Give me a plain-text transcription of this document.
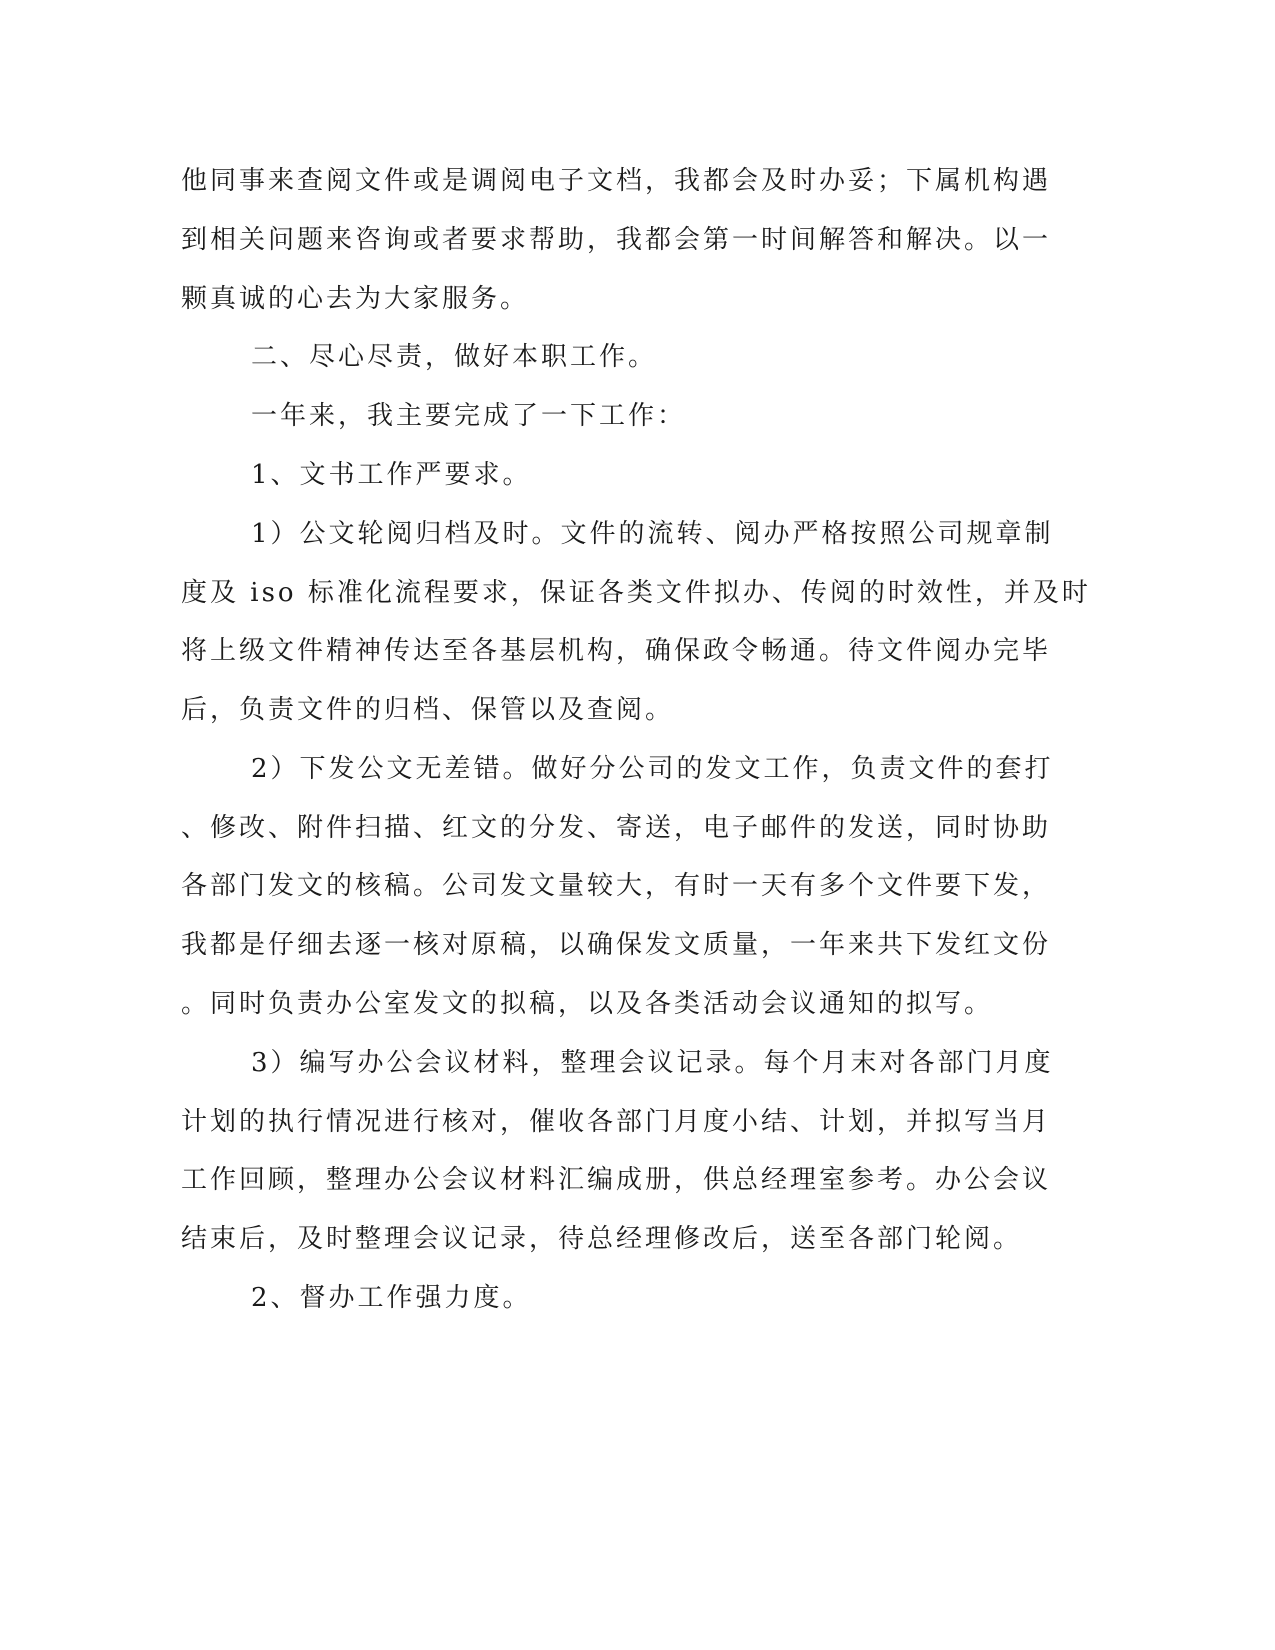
他同事来查阅文件或是调阅电子文档，我都会及时办妥；下属机构遇
到相关问题来咨询或者要求帮助，我都会第一时间解答和解决。以一
颗真诚的心去为大家服务。
二、尽心尽责，做好本职工作。
一年来，我主要完成了一下工作：
1、文书工作严要求。
1）公文轮阅归档及时。文件的流转、阅办严格按照公司规章制
度及 iso 标准化流程要求，保证各类文件拟办、传阅的时效性，并及时
将上级文件精神传达至各基层机构，确保政令畅通。待文件阅办完毕
后，负责文件的归档、保管以及查阅。
2）下发公文无差错。做好分公司的发文工作，负责文件的套打
、修改、附件扫描、红文的分发、寄送，电子邮件的发送，同时协助
各部门发文的核稿。公司发文量较大，有时一天有多个文件要下发，
我都是仔细去逐一核对原稿，以确保发文质量，一年来共下发红文份
。同时负责办公室发文的拟稿，以及各类活动会议通知的拟写。
3）编写办公会议材料，整理会议记录。每个月末对各部门月度
计划的执行情况进行核对，催收各部门月度小结、计划，并拟写当月
工作回顾，整理办公会议材料汇编成册，供总经理室参考。办公会议
结束后，及时整理会议记录，待总经理修改后，送至各部门轮阅。
2、督办工作强力度。
